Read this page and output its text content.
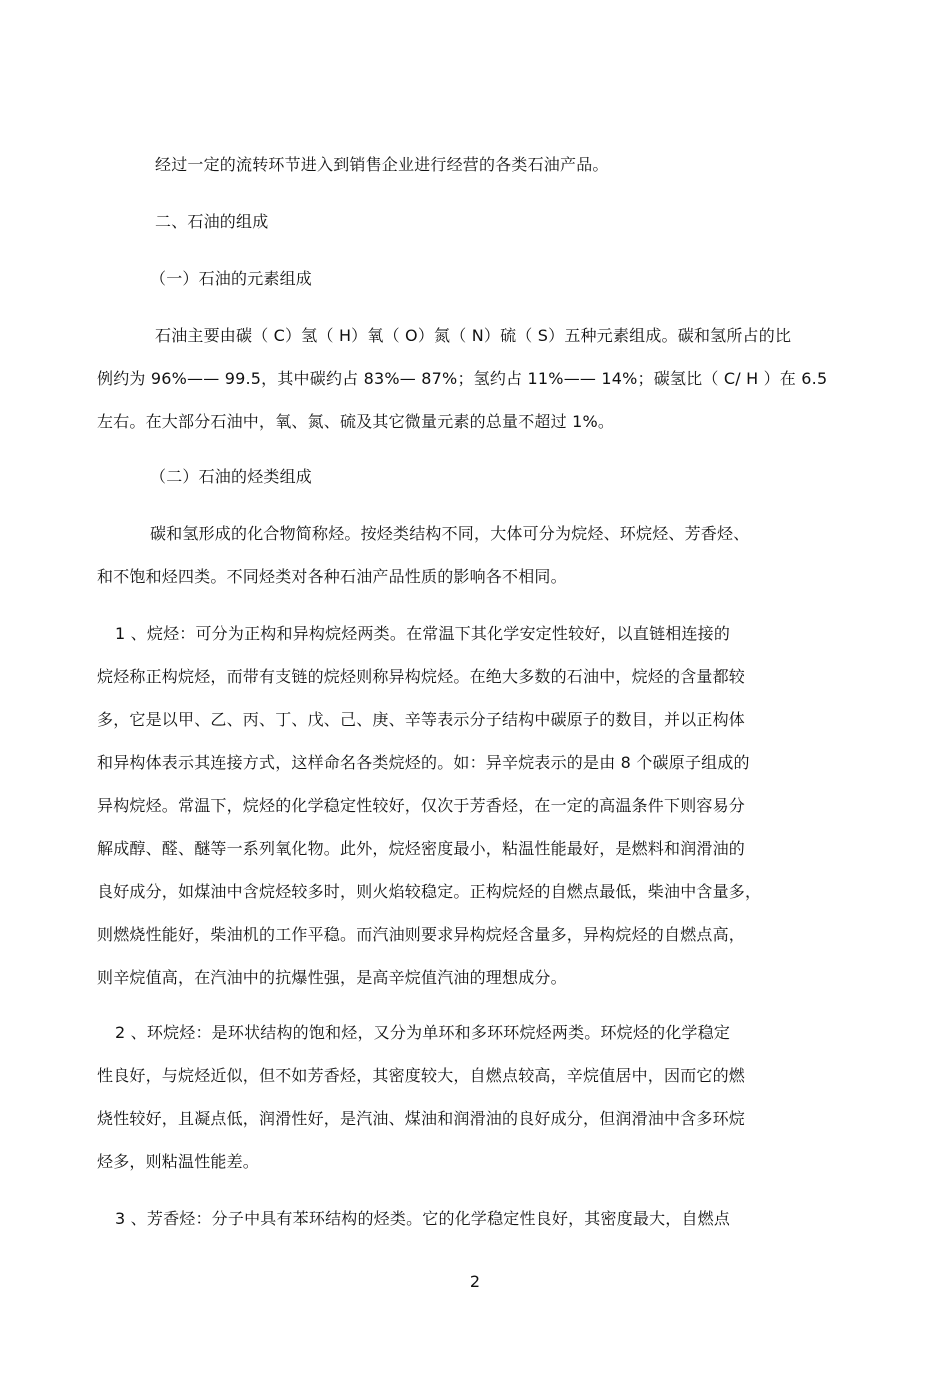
经过一定的流转环节进入到销售企业进行经营的各类石油产品。
二、石油的组成
（一）石油的元素组成
石油主要由碳（ C）氢（ H）氧（ O）氮（ N）硫（ S）五种元素组成。碳和氢所占的比
例约为 96%—— 99.5，其中碳约占 83%— 87%；氢约占 11%—— 14%；碳氢比（ C/ H ）在 6.5
左右。在大部分石油中，氧、氮、硫及其它微量元素的总量不超过 1%。
（二）石油的烃类组成
碳和氢形成的化合物简称烃。按烃类结构不同，大体可分为烷烃、环烷烃、芳香烃、
和不饱和烃四类。不同烃类对各种石油产品性质的影响各不相同。
1 、烷烃：可分为正构和异构烷烃两类。在常温下其化学安定性较好，以直链相连接的
烷烃称正构烷烃，而带有支链的烷烃则称异构烷烃。在绝大多数的石油中，烷烃的含量都较
多，它是以甲、乙、丙、丁、戊、己、庚、辛等表示分子结构中碳原子的数目，并以正构体
和异构体表示其连接方式，这样命名各类烷烃的。如：异辛烷表示的是由 8 个碳原子组成的
异构烷烃。常温下，烷烃的化学稳定性较好，仅次于芳香烃，在一定的高温条件下则容易分
解成醇、醛、醚等一系列氧化物。此外，烷烃密度最小，粘温性能最好，是燃料和润滑油的
良好成分，如煤油中含烷烃较多时，则火焰较稳定。正构烷烃的自燃点最低，柴油中含量多，
则燃烧性能好，柴油机的工作平稳。而汽油则要求异构烷烃含量多，异构烷烃的自燃点高，
则辛烷值高，在汽油中的抗爆性强，是高辛烷值汽油的理想成分。
2 、环烷烃：是环状结构的饱和烃，又分为单环和多环环烷烃两类。环烷烃的化学稳定
性良好，与烷烃近似，但不如芳香烃，其密度较大，自燃点较高，辛烷值居中，因而它的燃
烧性较好，且凝点低，润滑性好，是汽油、煤油和润滑油的良好成分，但润滑油中含多环烷
烃多，则粘温性能差。
3 、芳香烃：分子中具有苯环结构的烃类。它的化学稳定性良好，其密度最大，自燃点
2
